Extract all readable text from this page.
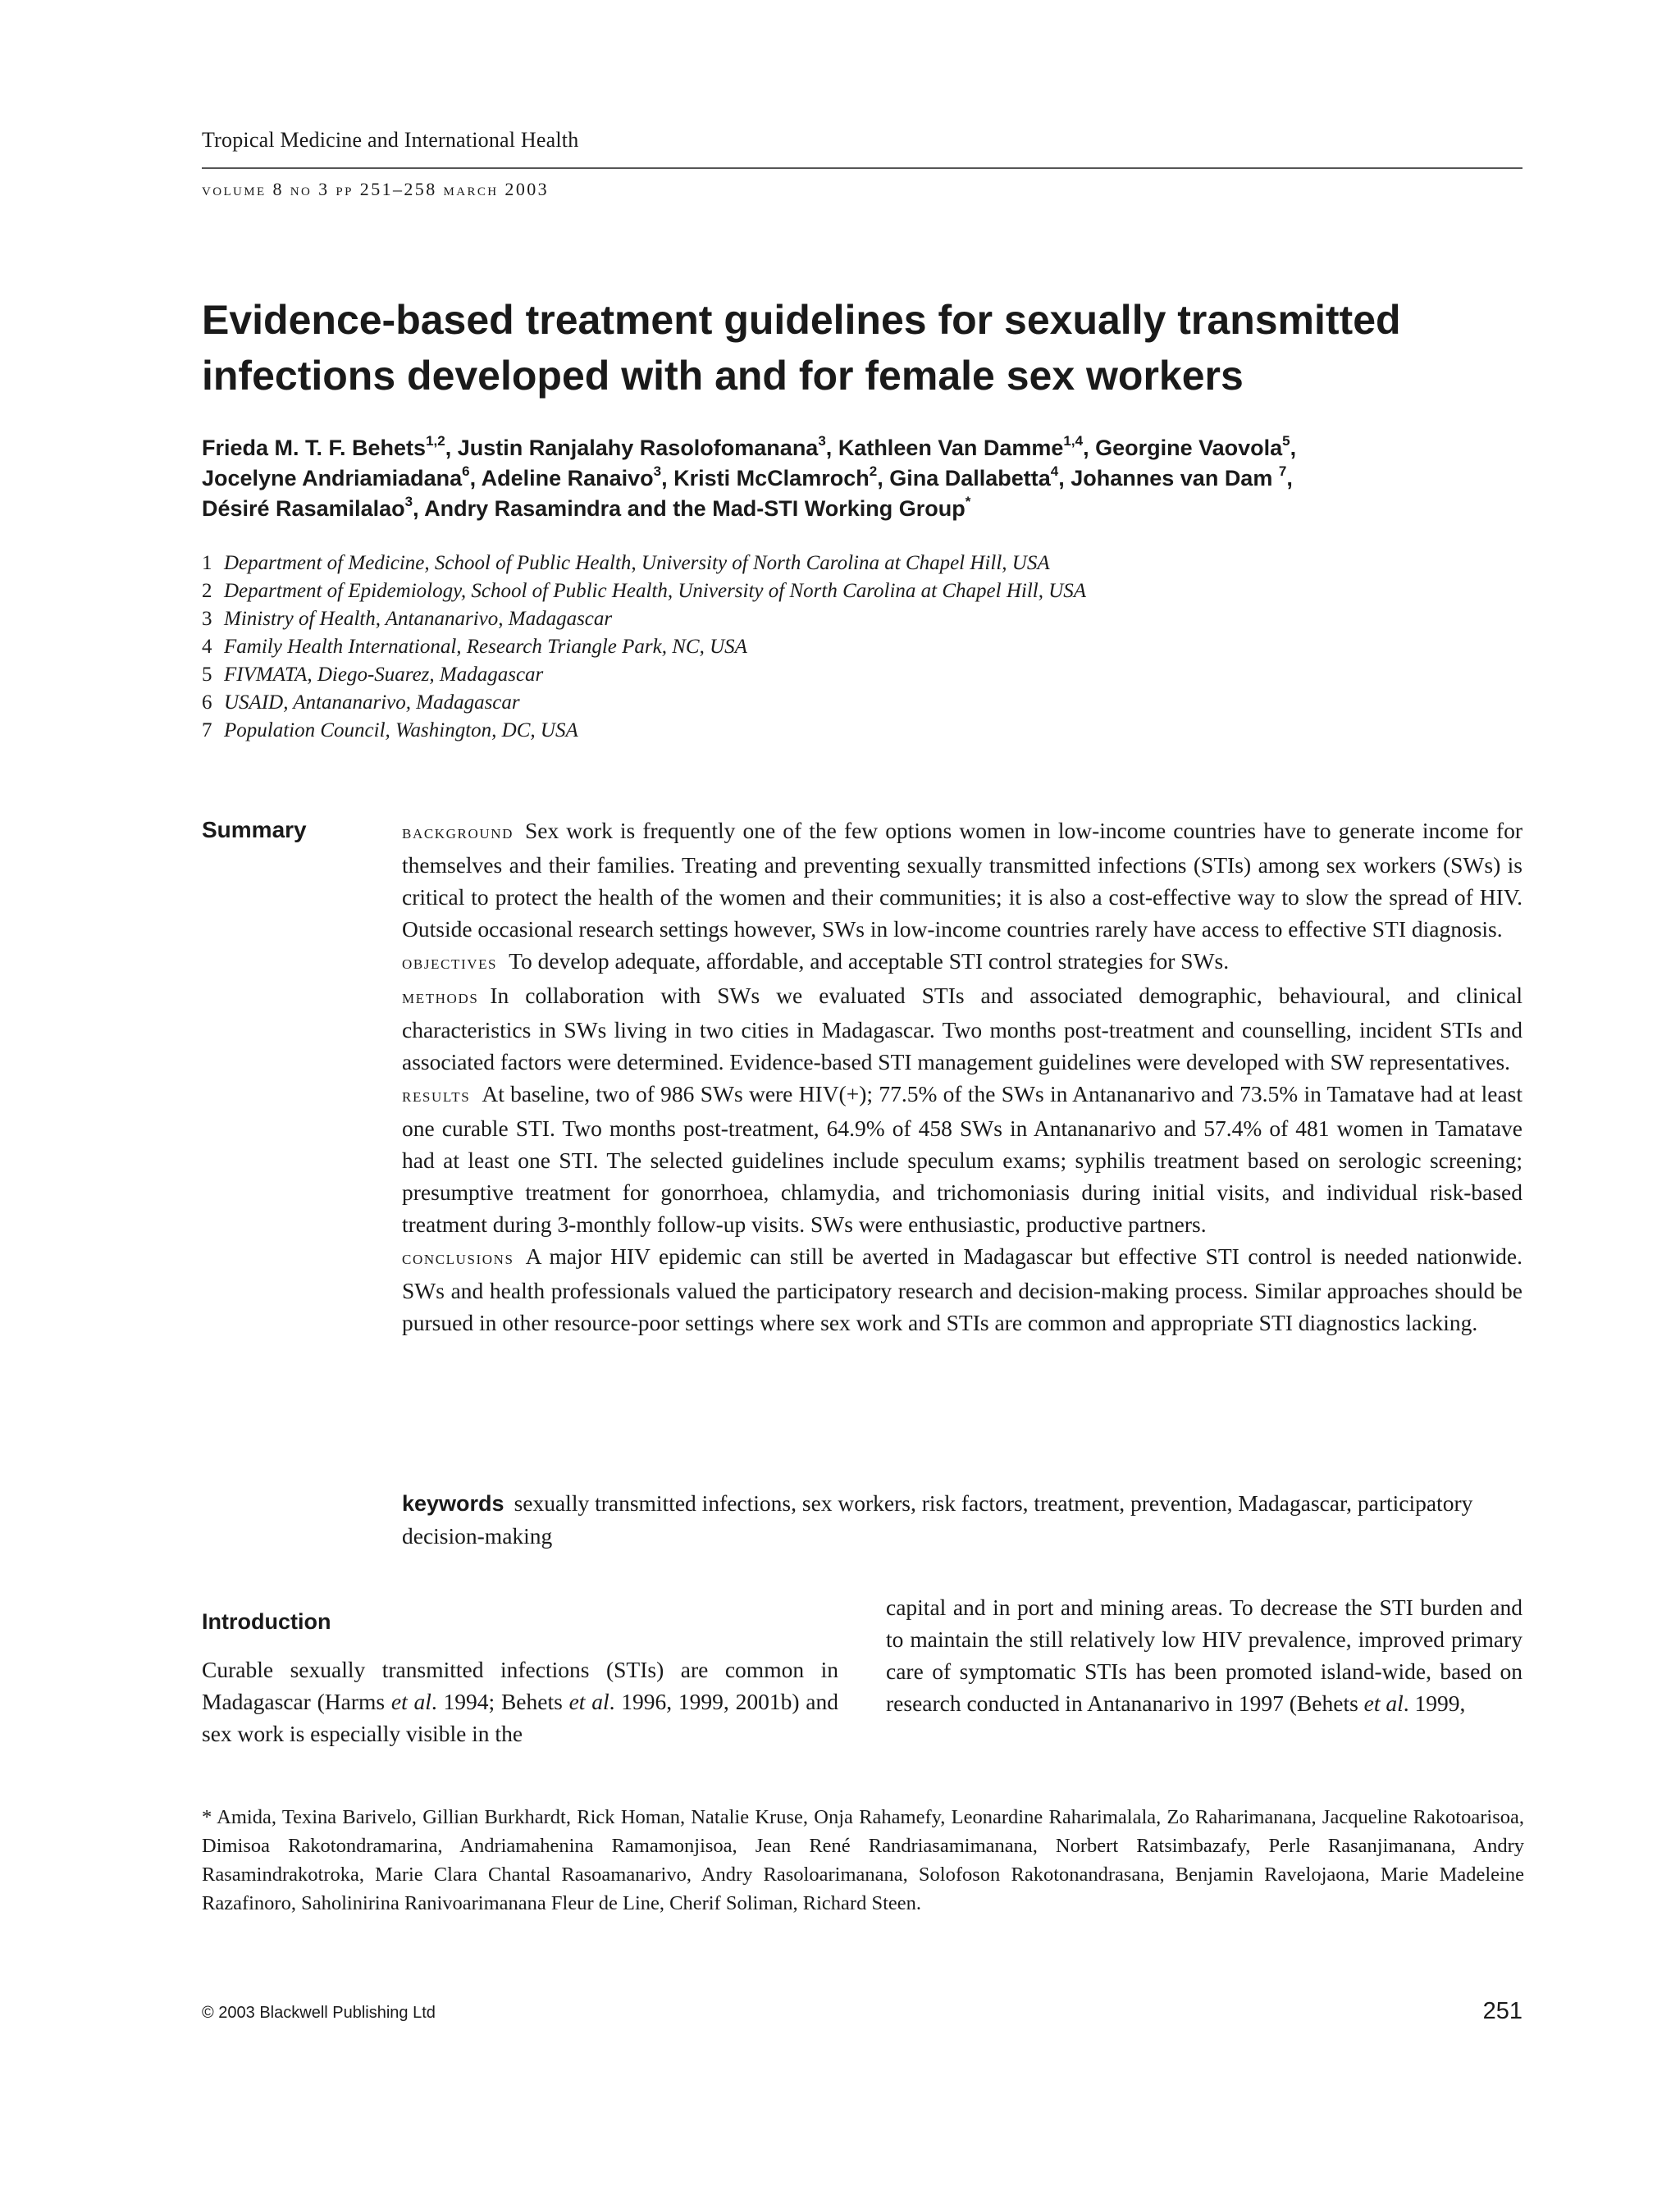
Tropical Medicine and International Health
volume 8 no 3 pp 251–258 march 2003
Evidence-based treatment guidelines for sexually transmitted
infections developed with and for female sex workers
Frieda M. T. F. Behets$^{1,2}$, Justin Ranjalahy Rasolofomanana$^3$, Kathleen Van Damme$^{1,4}$, Georgine Vaovola$^5$,
Jocelyne Andriamiadana$^6$, Adeline Ranaivo$^3$, Kristi McClamroch$^2$, Gina Dallabetta$^4$, Johannes van Dam $^7$,
Désiré Rasamilalao$^3$, Andry Rasamindra and the Mad-STI Working Group*
1 Department of Medicine, School of Public Health, University of North Carolina at Chapel Hill, USA
2 Department of Epidemiology, School of Public Health, University of North Carolina at Chapel Hill, USA
3 Ministry of Health, Antananarivo, Madagascar
4 Family Health International, Research Triangle Park, NC, USA
5 FIVMATA, Diego-Suarez, Madagascar
6 USAID, Antananarivo, Madagascar
7 Population Council, Washington, DC, USA
Summary	background Sex work is frequently one of the few options women in low-income countries have to generate income for themselves and their families. Treating and preventing sexually transmitted infections (STIs) among sex workers (SWs) is critical to protect the health of the women and their communities; it is also a cost-effective way to slow the spread of HIV. Outside occasional research settings however, SWs in low-income countries rarely have access to effective STI diagnosis.

objectives To develop adequate, affordable, and acceptable STI control strategies for SWs.

methods In collaboration with SWs we evaluated STIs and associated demographic, behavioural, and clinical characteristics in SWs living in two cities in Madagascar. Two months post-treatment and counselling, incident STIs and associated factors were determined. Evidence-based STI management guidelines were developed with SW representatives.

results At baseline, two of 986 SWs were HIV(+); 77.5% of the SWs in Antananarivo and 73.5% in Tamatave had at least one curable STI. Two months post-treatment, 64.9% of 458 SWs in Antananarivo and 57.4% of 481 women in Tamatave had at least one STI. The selected guidelines include speculum exams; syphilis treatment based on serologic screening; presumptive treatment for gonorrhoea, chlamydia, and trichomoniasis during initial visits, and individual risk-based treatment during 3-monthly follow-up visits. SWs were enthusiastic, productive partners.

conclusions A major HIV epidemic can still be averted in Madagascar but effective STI control is needed nationwide. SWs and health professionals valued the participatory research and decision-making process. Similar approaches should be pursued in other resource-poor settings where sex work and STIs are common and appropriate STI diagnostics lacking.

keywords sexually transmitted infections, sex workers, risk factors, treatment, prevention, Madagascar, participatory decision-making
Introduction

Curable sexually transmitted infections (STIs) are common in Madagascar (Harms et al. 1994; Behets et al. 1996, 1999, 2001b) and sex work is especially visible in the

capital and in port and mining areas. To decrease the STI burden and to maintain the still relatively low HIV prevalence, improved primary care of symptomatic STIs has been promoted island-wide, based on research conducted in Antananarivo in 1997 (Behets et al. 1999,

* Amida, Texina Barivelo, Gillian Burkhardt, Rick Homan, Natalie Kruse, Onja Rahamefy, Leonardine Raharimalala, Zo Raharimanana, Jacqueline Rakotoarisoa, Dimisoa Rakotondramarina, Andriamahenina Ramamonjisoa, Jean René Randriasamimanana, Norbert Ratsimbazafy, Perle Rasanjimanana, Andry Rasamindrakotroka, Marie Clara Chantal Rasoamanarivo, Andry Rasoloarimanana, Solofoson Rakotonandrasana, Benjamin Ravelojaona, Marie Madeleine Razafinoro, Saholinirina Ranivoarimanana Fleur de Line, Cherif Soliman, Richard Steen.
© 2003 Blackwell Publishing Ltd	251
